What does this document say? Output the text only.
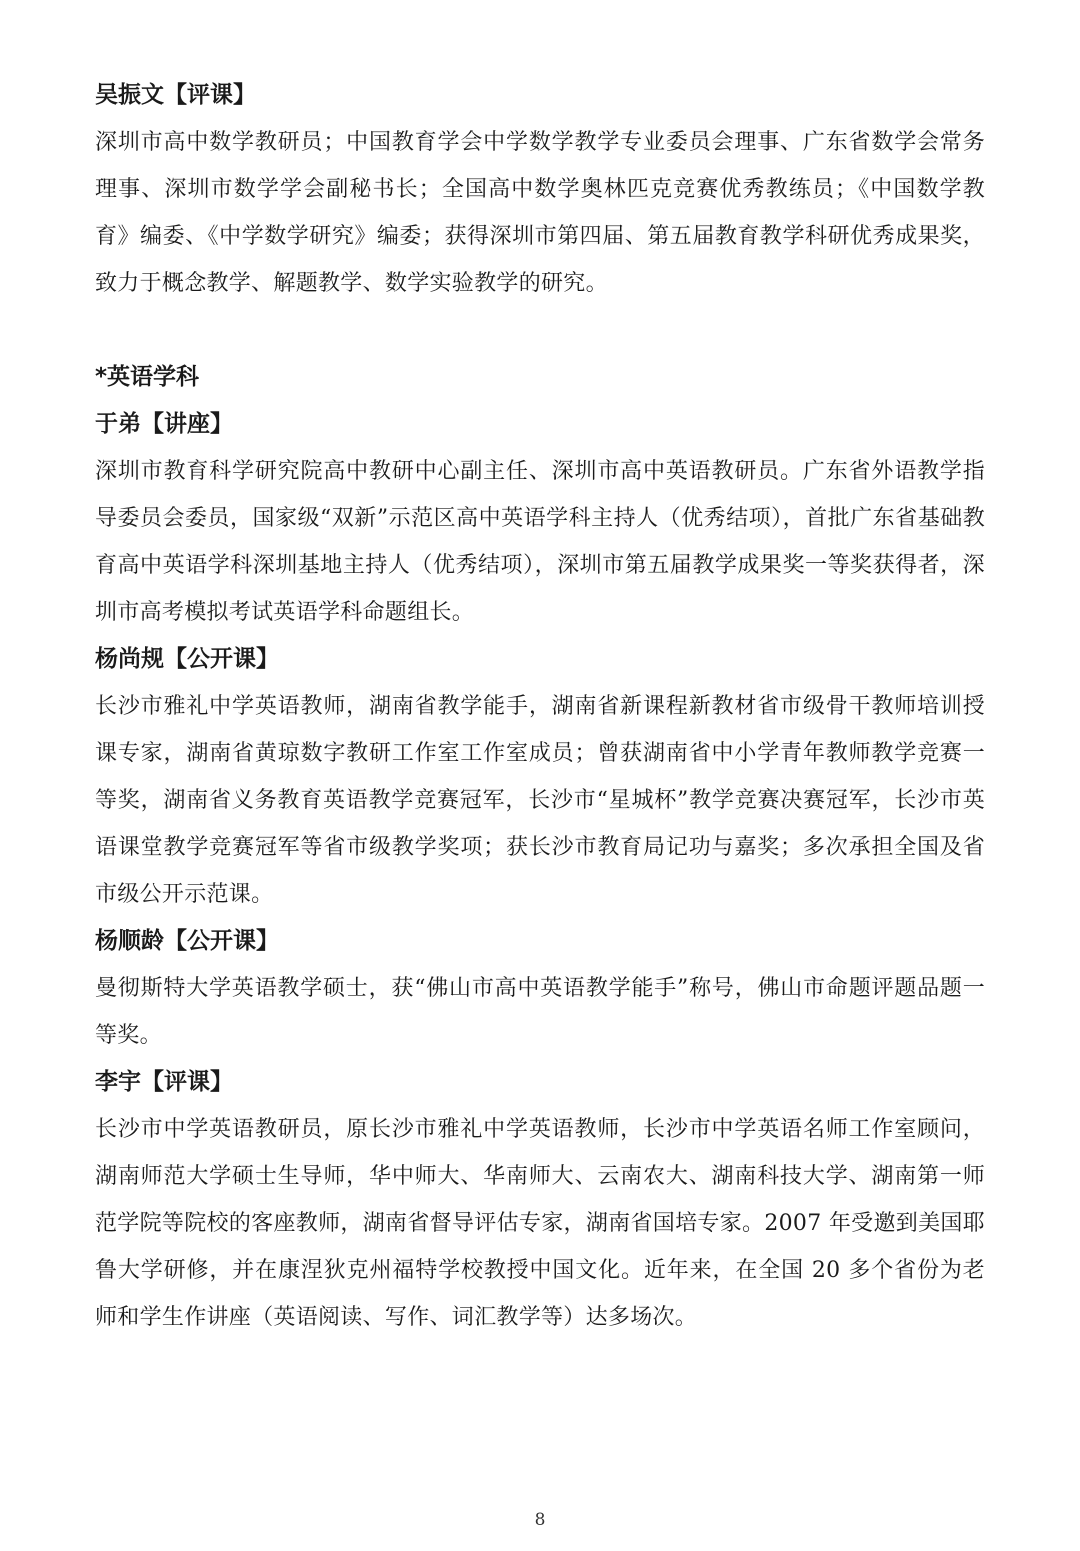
吴振文【评课】

深圳市高中数学教研员；中国教育学会中学数学教学专业委员会理事、广东省数学会常务理事、深圳市数学学会副秘书长；全国高中数学奥林匹克竞赛优秀教练员；《中国数学教育》编委、《中学数学研究》编委；获得深圳市第四届、第五届教育教学科研优秀成果奖，致力于概念教学、解题教学、数学实验教学的研究。

*英语学科

于弟【讲座】

深圳市教育科学研究院高中教研中心副主任、深圳市高中英语教研员。广东省外语教学指导委员会委员，国家级“双新”示范区高中英语学科主持人（优秀结项），首批广东省基础教育高中英语学科深圳基地主持人（优秀结项），深圳市第五届教学成果奖一等奖获得者，深圳市高考模拟考试英语学科命题组长。

杨尚规【公开课】

长沙市雅礼中学英语教师，湖南省教学能手，湖南省新课程新教材省市级骨干教师培训授课专家，湖南省黄琼数字教研工作室工作室成员；曾获湖南省中小学青年教师教学竞赛一等奖，湖南省义务教育英语教学竞赛冠军，长沙市“星城杯”教学竞赛决赛冠军，长沙市英语课堂教学竞赛冠军等省市级教学奖项；获长沙市教育局记功与嘉奖；多次承担全国及省市级公开示范课。

杨顺龄【公开课】

曼彻斯特大学英语教学硕士，获“佛山市高中英语教学能手”称号，佛山市命题评题品题一等奖。

李宇【评课】

长沙市中学英语教研员，原长沙市雅礼中学英语教师，长沙市中学英语名师工作室顾问，湖南师范大学硕士生导师，华中师大、华南师大、云南农大、湖南科技大学、湖南第一师范学院等院校的客座教师，湖南省督导评估专家，湖南省国培专家。2007 年受邀到美国耶鲁大学研修，并在康涅狄克州福特学校教授中国文化。近年来，在全国 20 多个省份为老师和学生作讲座（英语阅读、写作、词汇教学等）达多场次。

8
